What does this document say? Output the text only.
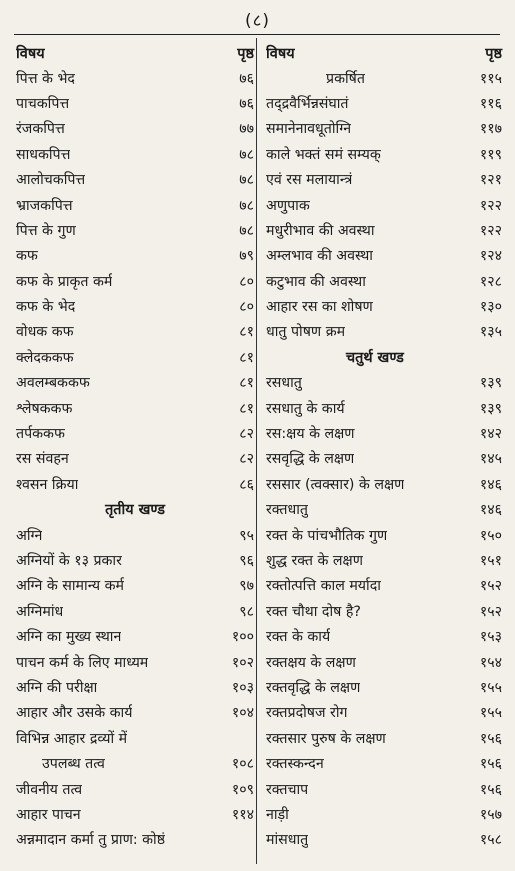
(८)
विषय	पृष्ठ
पित्त के भेद	७६
पाचकपित्त	७६
रंजकपित्त	७७
साधकपित्त	७८
आलोचकपित्त	७८
भ्राजकपित्त	७८
पित्त के गुण	७८
कफ	७९
कफ के प्राकृत कर्म	८०
कफ के भेद	८०
वोधक कफ	८१
क्लेदककफ	८१
अवलम्बककफ	८१
श्लेषककफ	८१
तर्पककफ	८२
रस संवहन	८२
श्वसन क्रिया	८६
तृतीय खण्ड
अग्नि	९५
अग्नियों के १३ प्रकार	९६
अग्नि के सामान्य कर्म	९७
अग्निमांध	९८
अग्नि का मुख्य स्थान	१००
पाचन कर्म के लिए माध्यम	१०२
अग्नि की परीक्षा	१०३
आहार और उसके कार्य	१०४
विभिन्न आहार द्रव्यों में
उपलब्ध तत्व	१०८
जीवनीय तत्व	१०९
आहार पाचन	११४
अन्नमादान कर्मा तु प्राण: कोष्ठं
विषय	पृष्ठ
प्रकर्षित	११५
तद्द्रवैर्भिन्नसंघातं	११६
समानेनावधूतोग्नि	११७
काले भक्तं समं सम्यक्	११९
एवं रस मलायान्त्रं	१२१
अणुपाक	१२२
मधुरीभाव की अवस्था	१२२
अम्लभाव की अवस्था	१२४
कटुभाव की अवस्था	१२८
आहार रस का शोषण	१३०
धातु पोषण क्रम	१३५
चतुर्थ खण्ड
रसधातु	१३९
रसधातु के कार्य	१३९
रस:क्षय के लक्षण	१४२
रसवृद्धि के लक्षण	१४५
रससार (त्वक्सार) के लक्षण	१४६
रक्तधातु	१४६
रक्त के पांचभौतिक गुण	१५०
शुद्ध रक्त के लक्षण	१५१
रक्तोत्पत्ति काल मर्यादा	१५२
रक्त चौथा दोष है?	१५२
रक्त के कार्य	१५३
रक्तक्षय के लक्षण	१५४
रक्तवृद्धि के लक्षण	१५५
रक्तप्रदोषज रोग	१५५
रक्तसार पुरुष के लक्षण	१५६
रक्तस्कन्दन	१५६
रक्तचाप	१५६
नाड़ी	१५७
मांसधातु	१५८
